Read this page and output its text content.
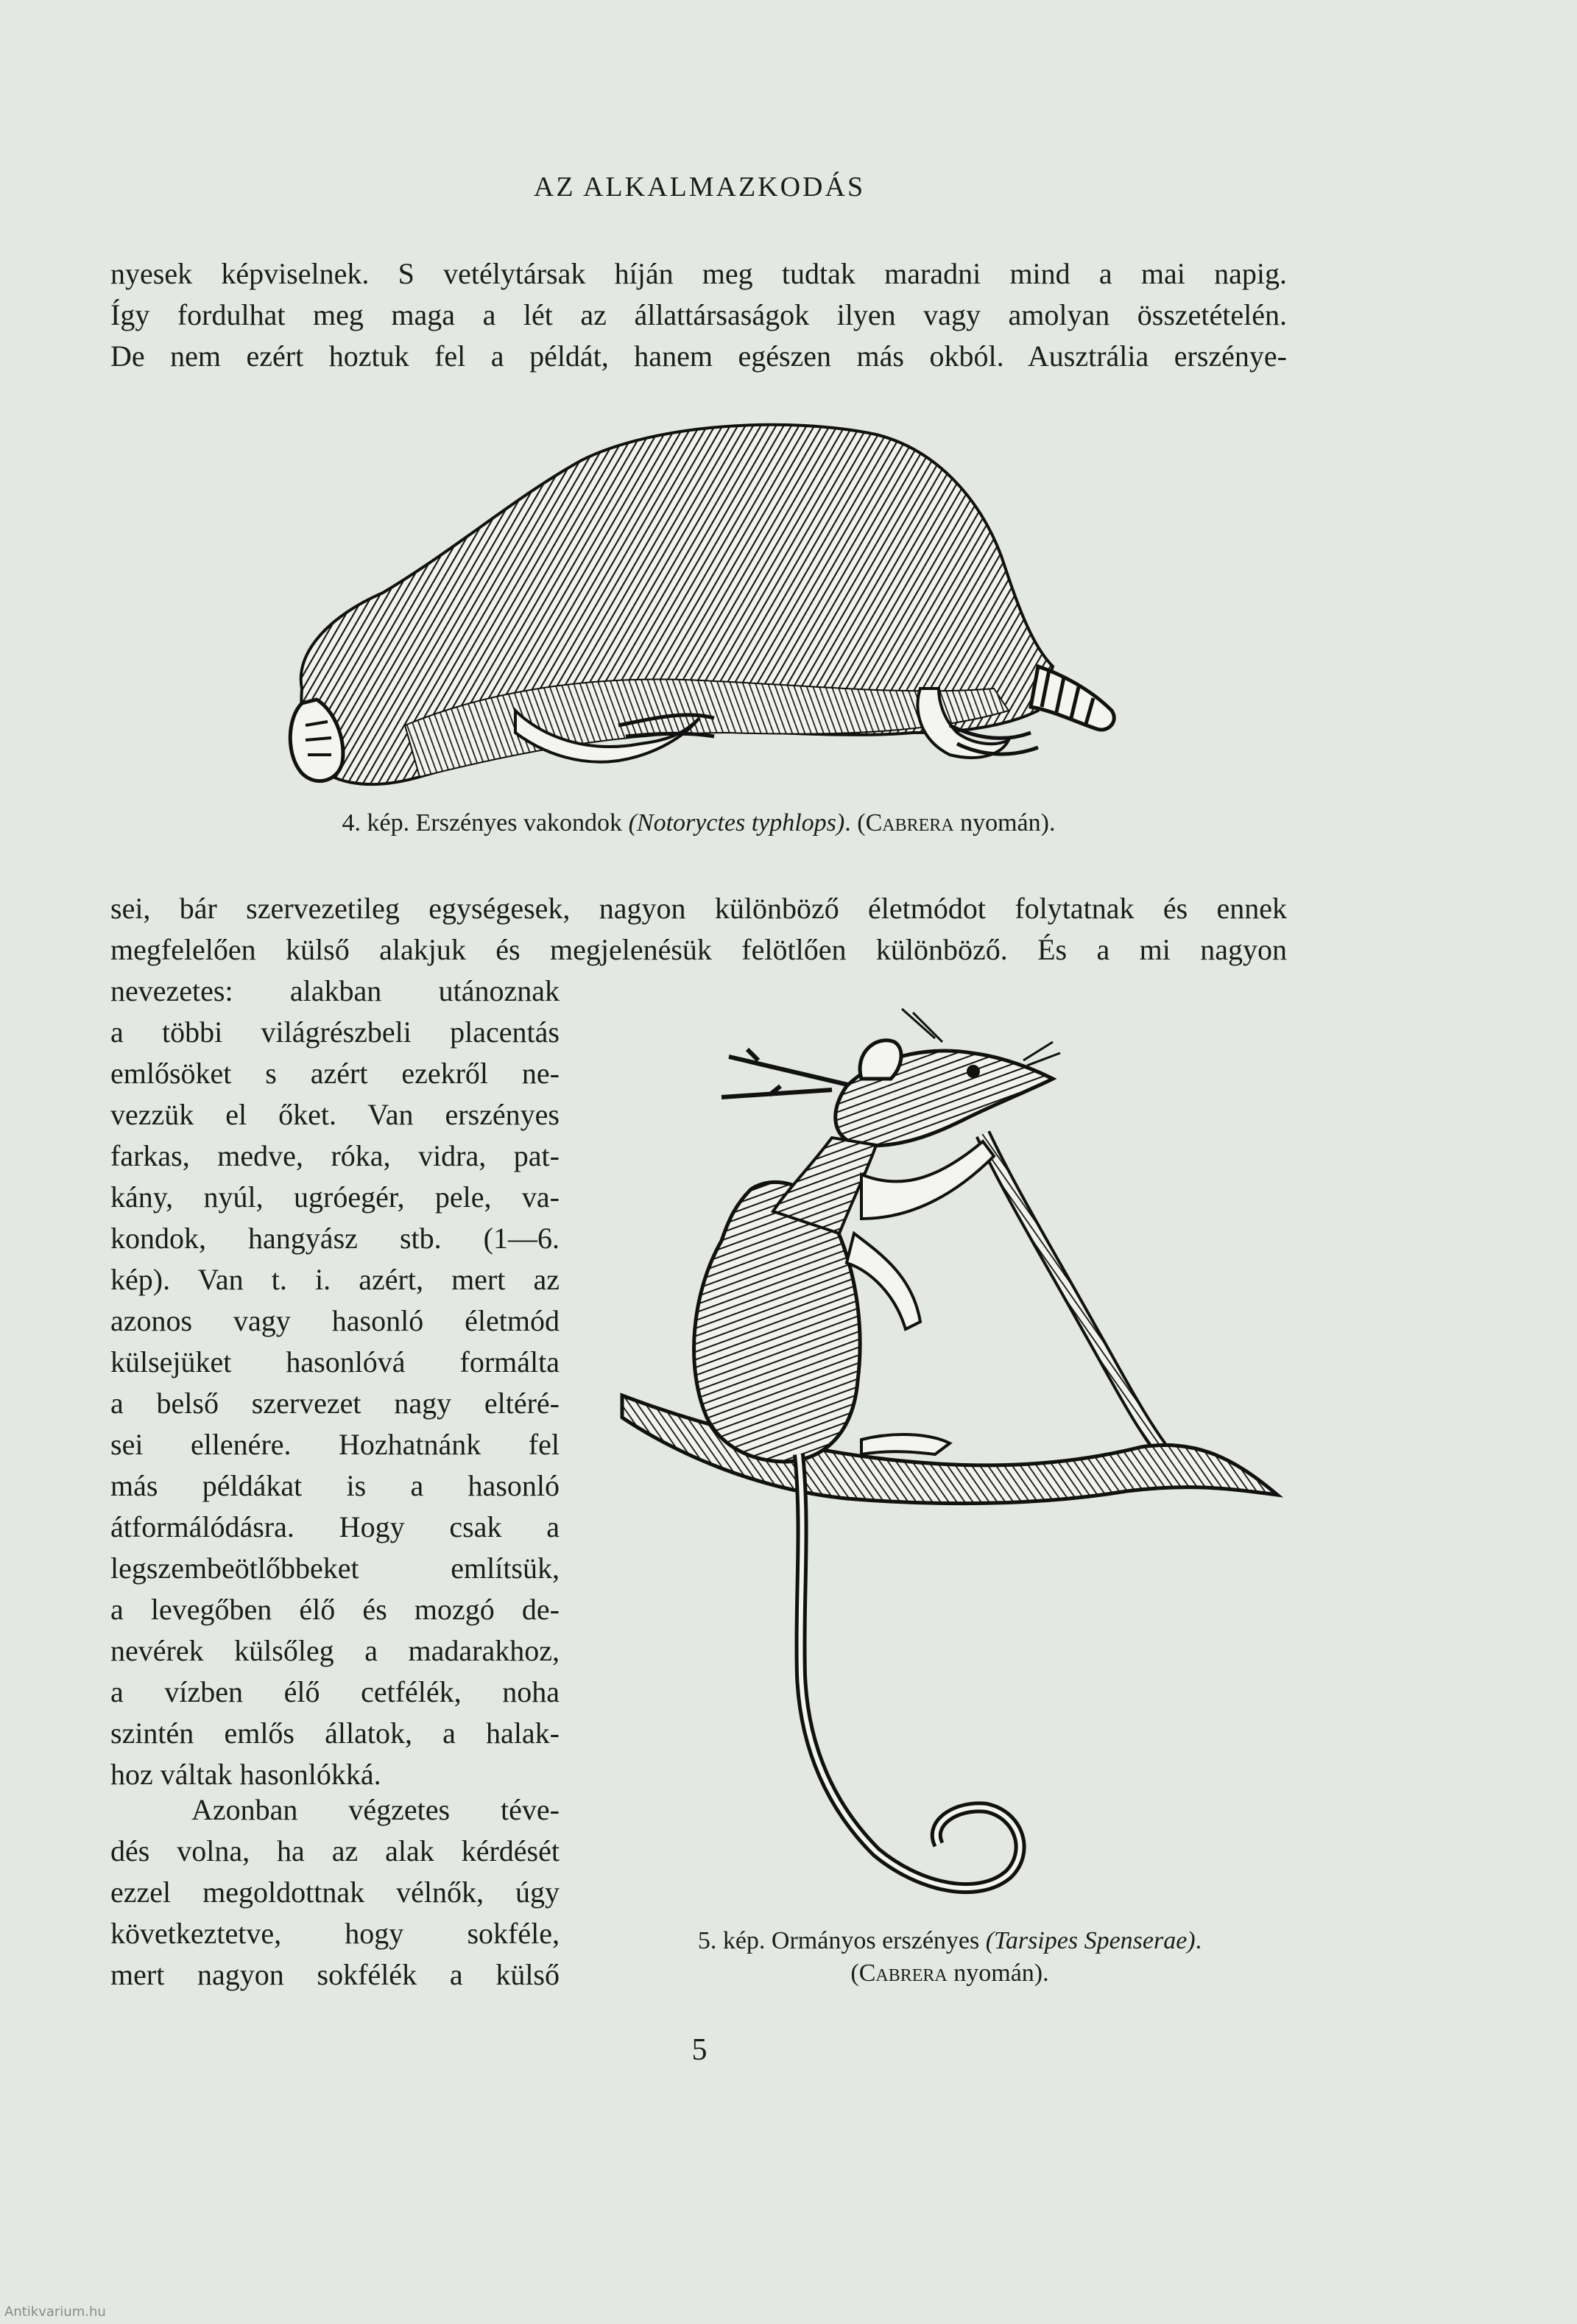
AZ ALKALMAZKODÁS
nyesek képviselnek. S vetélytársak híján meg tudtak maradni mind a mai napig.
Így fordulhat meg maga a lét az állattársaságok ilyen vagy amolyan összetételén.
De nem ezért hoztuk fel a példát, hanem egészen más okból. Ausztrália erszénye-
4. kép. Erszényes vakondok (Notoryctes typhlops). (Cabrera nyomán).
sei, bár szervezetileg egységesek, nagyon különböző életmódot folytatnak és ennek
megfelelően külső alakjuk és megjelenésük felötlően különböző. És a mi nagyon
nevezetes: alakban utánoznak
a többi világrészbeli placentás
emlősöket s azért ezekről ne-
vezzük el őket. Van erszényes
farkas, medve, róka, vidra, pat-
kány, nyúl, ugróegér, pele, va-
kondok, hangyász stb. (1—6.
kép). Van t. i. azért, mert az
azonos vagy hasonló életmód
külsejüket hasonlóvá formálta
a belső szervezet nagy eltéré-
sei ellenére. Hozhatnánk fel
más példákat is a hasonló
átformálódásra. Hogy csak a
legszembeötlőbbeket említsük,
a levegőben élő és mozgó de-
nevérek külsőleg a madarakhoz,
a vízben élő cetfélék, noha
szintén emlős állatok, a halak-
hoz váltak hasonlókká.
Azonban végzetes téve-
dés volna, ha az alak kérdését
ezzel megoldottnak vélnők, úgy
következtetve, hogy sokféle,
mert nagyon sokfélék a külső
5. kép. Ormányos erszényes (Tarsipes Spenserae).
(Cabrera nyomán).
5
Antikvarium.hu
